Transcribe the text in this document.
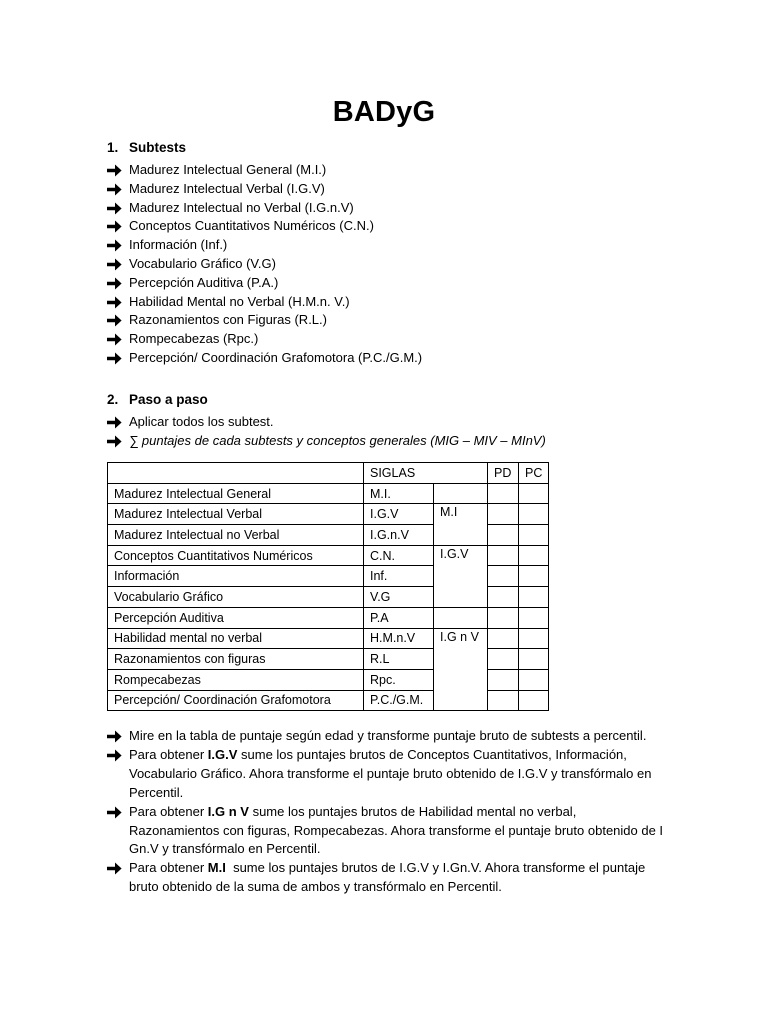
BADyG
1. Subtests
Madurez Intelectual General (M.I.)
Madurez Intelectual Verbal (I.G.V)
Madurez Intelectual no Verbal (I.G.n.V)
Conceptos Cuantitativos Numéricos (C.N.)
Información (Inf.)
Vocabulario Gráfico (V.G)
Percepción Auditiva (P.A.)
Habilidad Mental no Verbal (H.M.n. V.)
Razonamientos con Figuras (R.L.)
Rompecabezas (Rpc.)
Percepción/ Coordinación Grafomotora (P.C./G.M.)
2. Paso a paso
Aplicar todos los subtest.
∑ puntajes de cada subtests y conceptos generales (MIG – MIV – MInV)
	SIGLAS		PD	PC
Madurez Intelectual General	M.I.			
Madurez Intelectual Verbal	I.G.V	M.I		
Madurez Intelectual no Verbal	I.G.n.V			
Conceptos Cuantitativos Numéricos	C.N.	I.G.V		
Información	Inf.			
Vocabulario Gráfico	V.G			
Percepción Auditiva	P.A			
Habilidad mental no verbal	H.M.n.V	I.G n V		
Razonamientos con figuras	R.L			
Rompecabezas	Rpc.			
Percepción/ Coordinación Grafomotora	P.C./G.M.			
Mire en la tabla de puntaje según edad y transforme puntaje bruto de subtests a percentil.
Para obtener I.G.V sume los puntajes brutos de Conceptos Cuantitativos, Información, Vocabulario Gráfico. Ahora transforme el puntaje bruto obtenido de I.G.V y transfórmalo en Percentil.
Para obtener I.G n V sume los puntajes brutos de Habilidad mental no verbal, Razonamientos con figuras, Rompecabezas. Ahora transforme el puntaje bruto obtenido de I Gn.V y transfórmalo en Percentil.
Para obtener M.I  sume los puntajes brutos de I.G.V y I.Gn.V. Ahora transforme el puntaje bruto obtenido de la suma de ambos y transfórmalo en Percentil.
